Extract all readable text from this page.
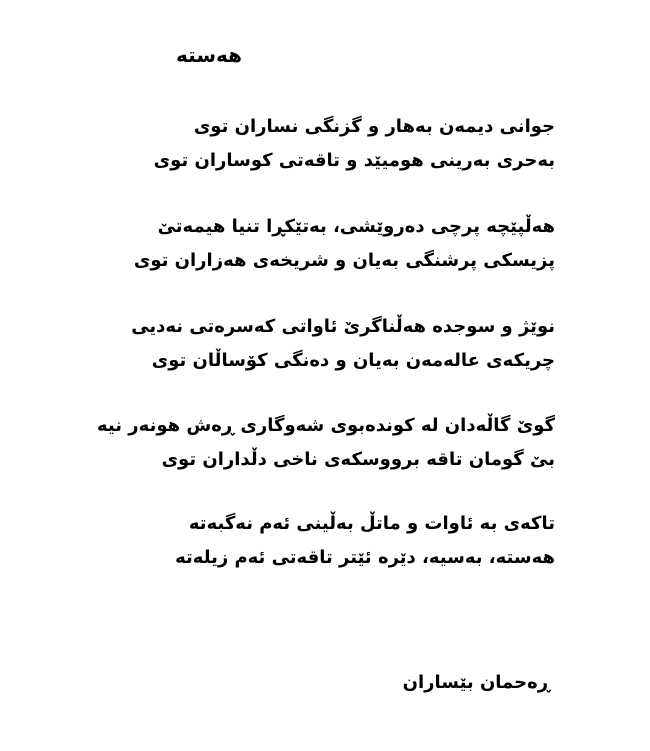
هەستە
جوانی دیمەن بەهار و گزنگی نساران توی
بەحری بەرینی هومیێد و تاقەتی کوساران توی
هەڵپێچە پرچی دەروێشی، بەتێکڕا تنیا هیمەتێ
پزیسکی پرشنگی بەیان و شریخەی هەزاران توی
نوێژ و سوجدە هەڵناگرێ ئاواتی کەسرەتی نەدیی
چریکەی عالەمەن بەیان و دەنگی کۆساڵان توی
گوێ گاڵەدان لە کوندەبوی شەوگاری ڕەش هونەر نیە
بێ گومان تاقە برووسکەی ناخی دڵداران توی
تاکەی بە ئاوات و ماتڵ بەڵینی ئەم نەگبەتە
هەستە، بەسیە، دێرە ئێتر تاقەتی ئەم زیلەتە
ڕەحمان بێساران
